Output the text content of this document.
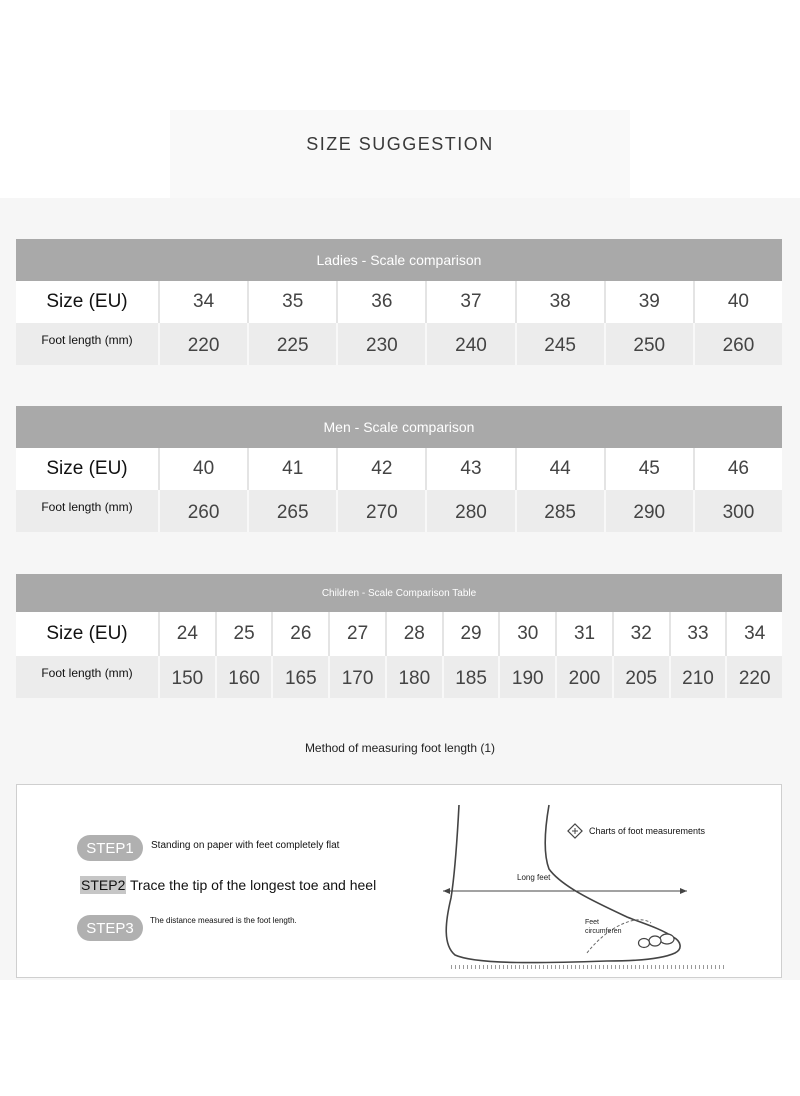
SIZE SUGGESTION
Ladies - Scale comparison
Size (EU)	34	35	36	37	38	39	40
Foot length (mm)	220	225	230	240	245	250	260
Men - Scale comparison
Size (EU)	40	41	42	43	44	45	46
Foot length (mm)	260	265	270	280	285	290	300
Children - Scale Comparison Table
Size (EU)	24	25	26	27	28	29	30	31	32	33	34
Foot length (mm)	150	160	165	170	180	185	190	200	205	210	220
Method of measuring foot length (1)
STEP1	Standing on paper with feet completely flat
STEP2 Trace the tip of the longest toe and heel
STEP3	The distance measured is the foot length.
Long feet
Feet
circumferen
Charts of foot measurements
